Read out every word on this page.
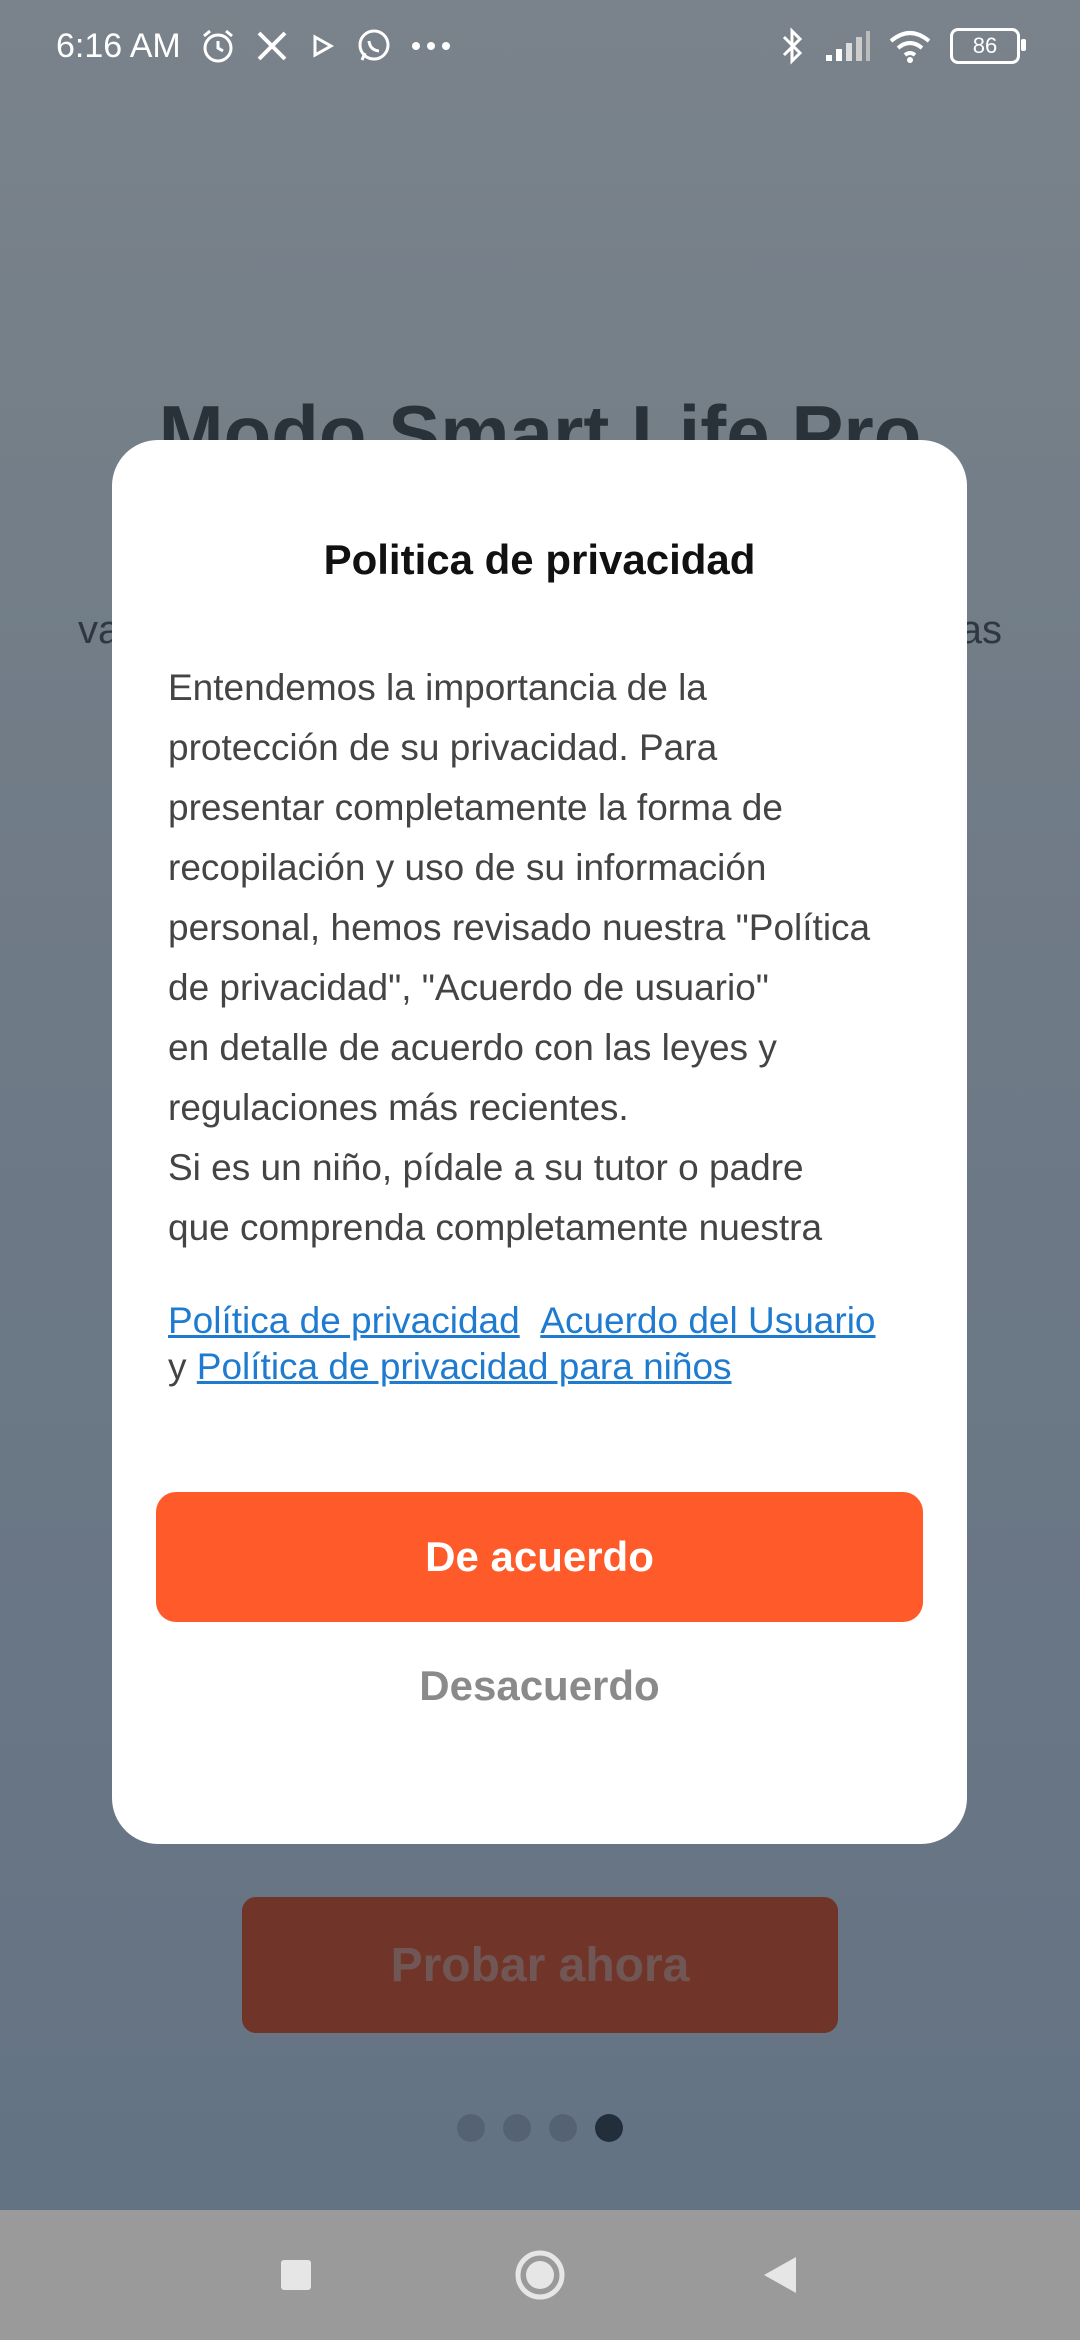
6:16 AM	86
Politica de privacidad
Entendemos la importancia de la
protección de su privacidad. Para
presentar completamente la forma de
recopilación y uso de su información
personal, hemos revisado nuestra "Política
de privacidad", "Acuerdo de usuario"
en detalle de acuerdo con las leyes y
regulaciones más recientes.
Si es un niño, pídale a su tutor o padre
que comprenda completamente nuestra
Política de privacidad Acuerdo del Usuario
y Política de privacidad para niños
De acuerdo
Desacuerdo
